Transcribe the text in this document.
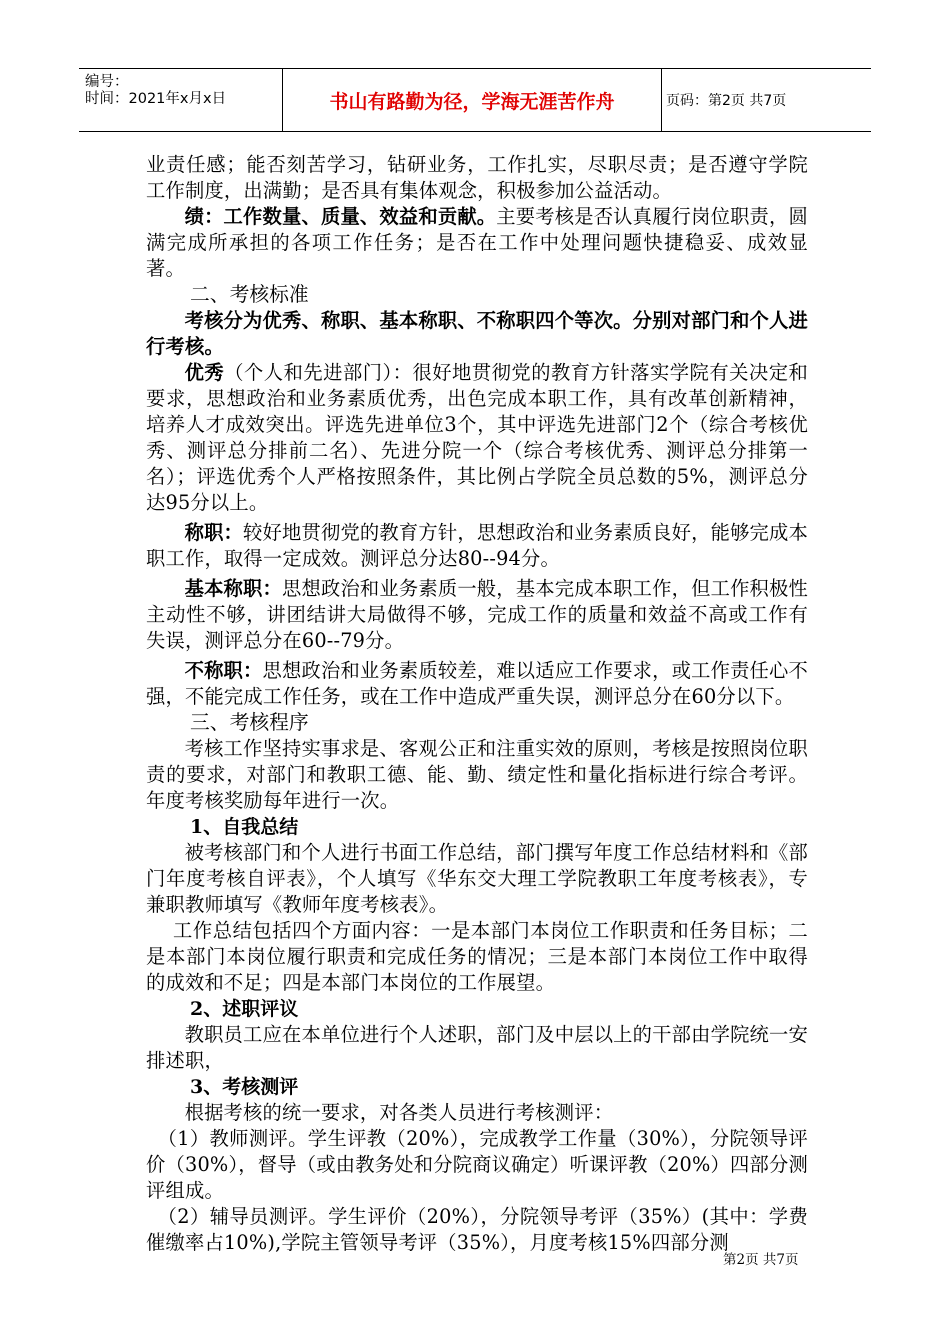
编号：
时间：2021年x月x日	书山有路勤为径，学海无涯苦作舟	页码：第2页 共7页

业责任感；能否刻苦学习，钻研业务，工作扎实，尽职尽责；是否遵守学院工作制度，出满勤；是否具有集体观念，积极参加公益活动。

绩：工作数量、质量、效益和贡献。主要考核是否认真履行岗位职责，圆满完成所承担的各项工作任务；是否在工作中处理问题快捷稳妥、成效显著。

二、考核标准

考核分为优秀、称职、基本称职、不称职四个等次。分别对部门和个人进行考核。

优秀（个人和先进部门）：很好地贯彻党的教育方针落实学院有关决定和要求，思想政治和业务素质优秀，出色完成本职工作，具有改革创新精神，培养人才成效突出。评选先进单位3个，其中评选先进部门2个（综合考核优秀、测评总分排前二名）、先进分院一个（综合考核优秀、测评总分排第一名）；评选优秀个人严格按照条件，其比例占学院全员总数的5%，测评总分达95分以上。

称职：较好地贯彻党的教育方针，思想政治和业务素质良好，能够完成本职工作，取得一定成效。测评总分达80--94分。

基本称职：思想政治和业务素质一般，基本完成本职工作，但工作积极性主动性不够，讲团结讲大局做得不够，完成工作的质量和效益不高或工作有失误，测评总分在60--79分。

不称职：思想政治和业务素质较差，难以适应工作要求，或工作责任心不强，不能完成工作任务，或在工作中造成严重失误，测评总分在60分以下。

三、考核程序

考核工作坚持实事求是、客观公正和注重实效的原则，考核是按照岗位职责的要求，对部门和教职工德、能、勤、绩定性和量化指标进行综合考评。年度考核奖励每年进行一次。

1、自我总结

被考核部门和个人进行书面工作总结，部门撰写年度工作总结材料和《部门年度考核自评表》，个人填写《华东交大理工学院教职工年度考核表》，专兼职教师填写《教师年度考核表》。

工作总结包括四个方面内容：一是本部门本岗位工作职责和任务目标；二是本部门本岗位履行职责和完成任务的情况；三是本部门本岗位工作中取得的成效和不足；四是本部门本岗位的工作展望。

2、述职评议

教职员工应在本单位进行个人述职，部门及中层以上的干部由学院统一安排述职，

3、考核测评

根据考核的统一要求，对各类人员进行考核测评：

（1）教师测评。学生评教（20%），完成教学工作量（30%），分院领导评价（30%），督导（或由教务处和分院商议确定）听课评教（20%）四部分测评组成。

（2）辅导员测评。学生评价（20%），分院领导考评（35%）(其中：学费催缴率占10%),学院主管领导考评（35%），月度考核15%四部分测

第2页 共7页
